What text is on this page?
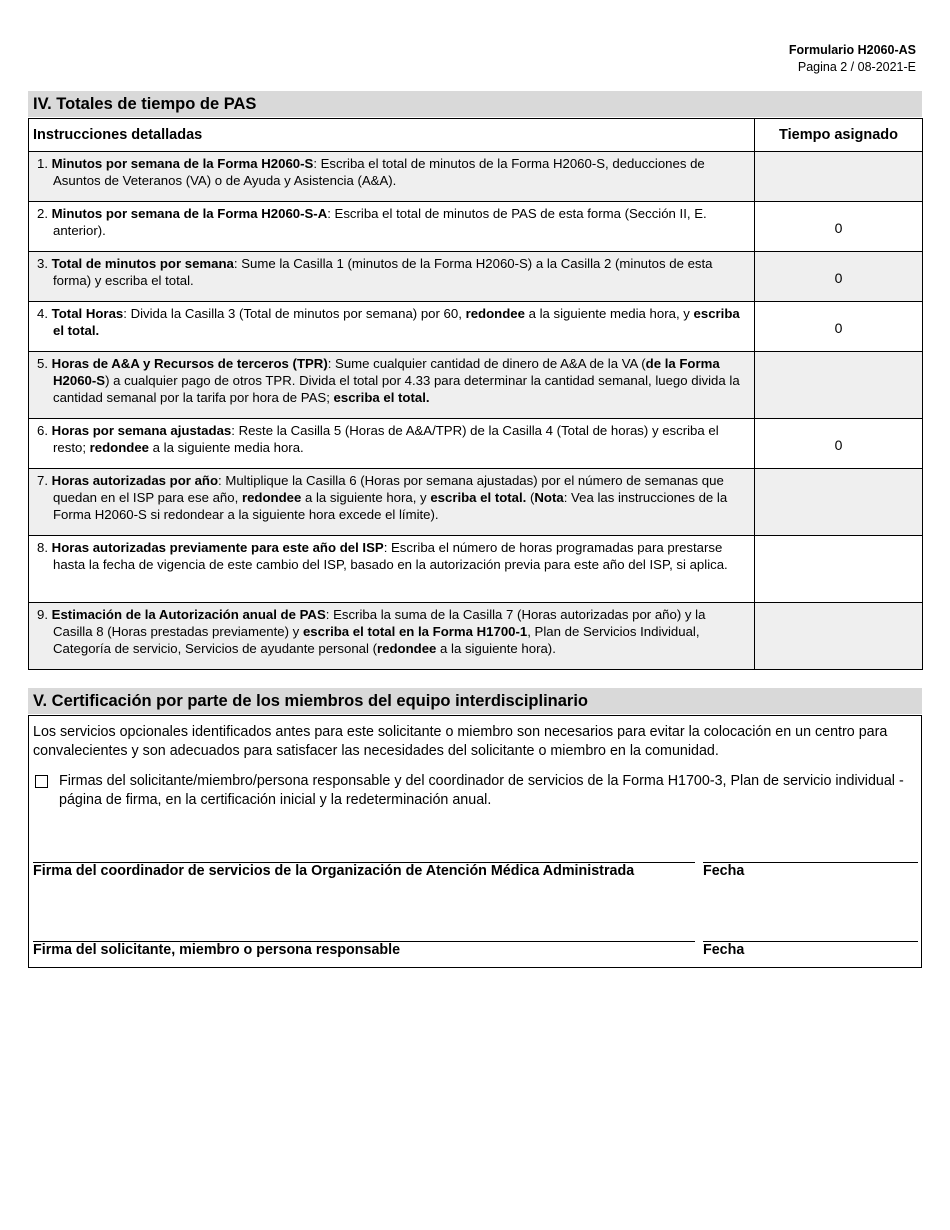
Formulario H2060-AS
Pagina 2 / 08-2021-E
IV. Totales de tiempo de PAS
Instrucciones detalladas	Tiempo asignado
1. Minutos por semana de la Forma H2060-S: Escriba el total de minutos de la Forma H2060-S, deducciones de Asuntos de Veteranos (VA) o de Ayuda y Asistencia (A&A).	
2. Minutos por semana de la Forma H2060-S-A: Escriba el total de minutos de PAS de esta forma (Sección II, E. anterior).	0
3. Total de minutos por semana: Sume la Casilla 1 (minutos de la Forma H2060-S) a la Casilla 2 (minutos de esta forma) y escriba el total.	0
4. Total Horas: Divida la Casilla 3 (Total de minutos por semana) por 60, redondee a la siguiente media hora, y escriba el total.	0
5. Horas de A&A y Recursos de terceros (TPR): Sume cualquier cantidad de dinero de A&A de la VA (de la Forma H2060-S) a cualquier pago de otros TPR. Divida el total por 4.33 para determinar la cantidad semanal, luego divida la cantidad semanal por la tarifa por hora de PAS; escriba el total.	
6. Horas por semana ajustadas: Reste la Casilla 5 (Horas de A&A/TPR) de la Casilla 4 (Total de horas) y escriba el resto; redondee a la siguiente media hora.	0
7. Horas autorizadas por año: Multiplique la Casilla 6 (Horas por semana ajustadas) por el número de semanas que quedan en el ISP para ese año, redondee a la siguiente hora, y escriba el total. (Nota: Vea las instrucciones de la Forma H2060-S si redondear a la siguiente hora excede el límite).	
8. Horas autorizadas previamente para este año del ISP: Escriba el número de horas programadas para prestarse hasta la fecha de vigencia de este cambio del ISP, basado en la autorización previa para este año del ISP, si aplica.	
9. Estimación de la Autorización anual de PAS: Escriba la suma de la Casilla 7 (Horas autorizadas por año) y la Casilla 8 (Horas prestadas previamente) y escriba el total en la Forma H1700-1, Plan de Servicios Individual, Categoría de servicio, Servicios de ayudante personal (redondee a la siguiente hora).	
V. Certificación por parte de los miembros del equipo interdisciplinario
Los servicios opcionales identificados antes para este solicitante o miembro son necesarios para evitar la colocación en un centro para convalecientes y son adecuados para satisfacer las necesidades del solicitante o miembro en la comunidad.
Firmas del solicitante/miembro/persona responsable y del coordinador de servicios de la Forma H1700-3, Plan de servicio individual - página de firma, en la certificación inicial y la redeterminación anual.
Firma del coordinador de servicios de la Organización de Atención Médica Administrada	Fecha
Firma del solicitante, miembro o persona responsable	Fecha
